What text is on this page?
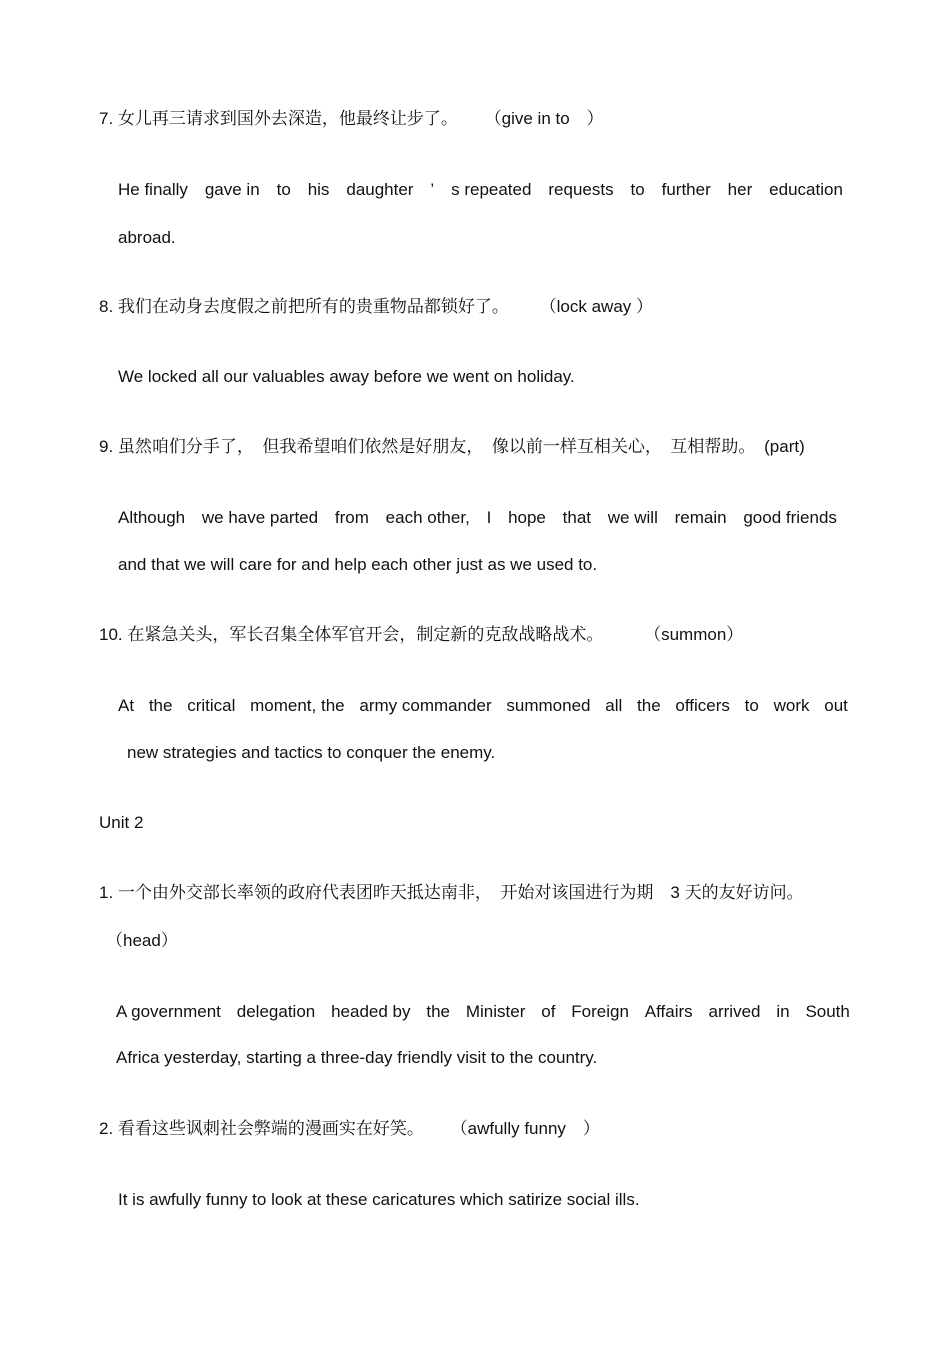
7. 女儿再三请求到国外去深造，他最终让步了。 （give in to　）
He finally gave in to his daughter ’ s repeated requests to further her education
abroad.
8. 我们在动身去度假之前把所有的贵重物品都锁好了。 （lock away ）
We locked all our valuables away before we went on holiday.
9. 虽然咱们分手了，　但我希望咱们依然是好朋友，　像以前一样互相关心，　互相帮助。 (part)
Although we have parted from each other, I hope that we will remain good friends
and that we will care for and help each other just as we used to.
10. 在紧急关头，军长召集全体军官开会，制定新的克敌战略战术。 （summon）
At the critical moment, the army commander summoned all the officers to work out
new strategies and tactics to conquer the enemy.
Unit 2
1. 一个由外交部长率领的政府代表团昨天抵达南非，　开始对该国进行为期　3 天的友好访问。
（head）
A government delegation headed by the Minister of Foreign Affairs arrived in South
Africa yesterday, starting a three-day friendly visit to the country.
2. 看看这些讽刺社会弊端的漫画实在好笑。 （awfully funny　）
It is awfully funny to look at these caricatures which satirize social ills.
